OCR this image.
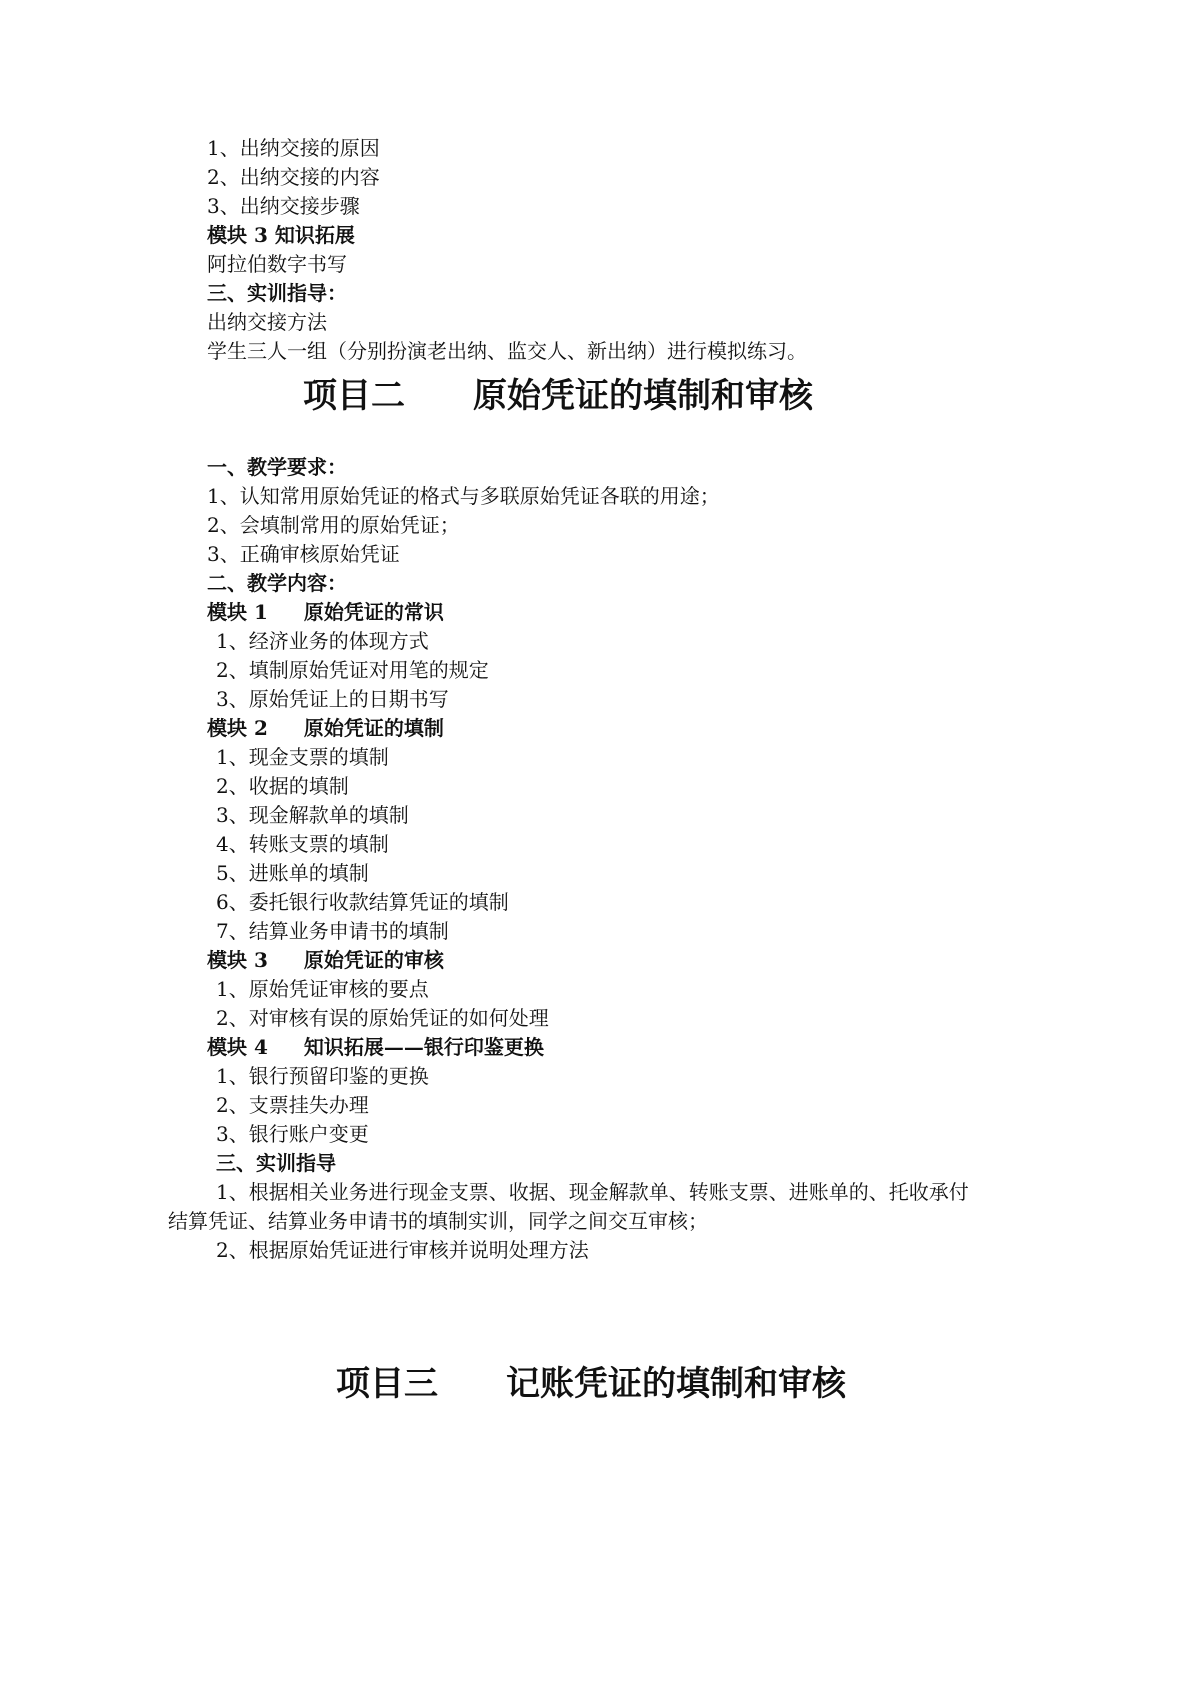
1、出纳交接的原因
2、出纳交接的内容
3、出纳交接步骤
模块 3 知识拓展
阿拉伯数字书写
三、实训指导：
出纳交接方法
学生三人一组（分别扮演老出纳、监交人、新出纳）进行模拟练习。
项目二 原始凭证的填制和审核
一、教学要求：
1、认知常用原始凭证的格式与多联原始凭证各联的用途；
2、会填制常用的原始凭证；
3、正确审核原始凭证
二、教学内容：
模块 1 原始凭证的常识
1、经济业务的体现方式
2、填制原始凭证对用笔的规定
3、原始凭证上的日期书写
模块 2 原始凭证的填制
1、现金支票的填制
2、收据的填制
3、现金解款单的填制
4、转账支票的填制
5、进账单的填制
6、委托银行收款结算凭证的填制
7、结算业务申请书的填制
模块 3 原始凭证的审核
1、原始凭证审核的要点
2、对审核有误的原始凭证的如何处理
模块 4 知识拓展——银行印鉴更换
1、银行预留印鉴的更换
2、支票挂失办理
3、银行账户变更
三、实训指导
1、根据相关业务进行现金支票、收据、现金解款单、转账支票、进账单的、托收承付
结算凭证、结算业务申请书的填制实训，同学之间交互审核；
2、根据原始凭证进行审核并说明处理方法
项目三 记账凭证的填制和审核
